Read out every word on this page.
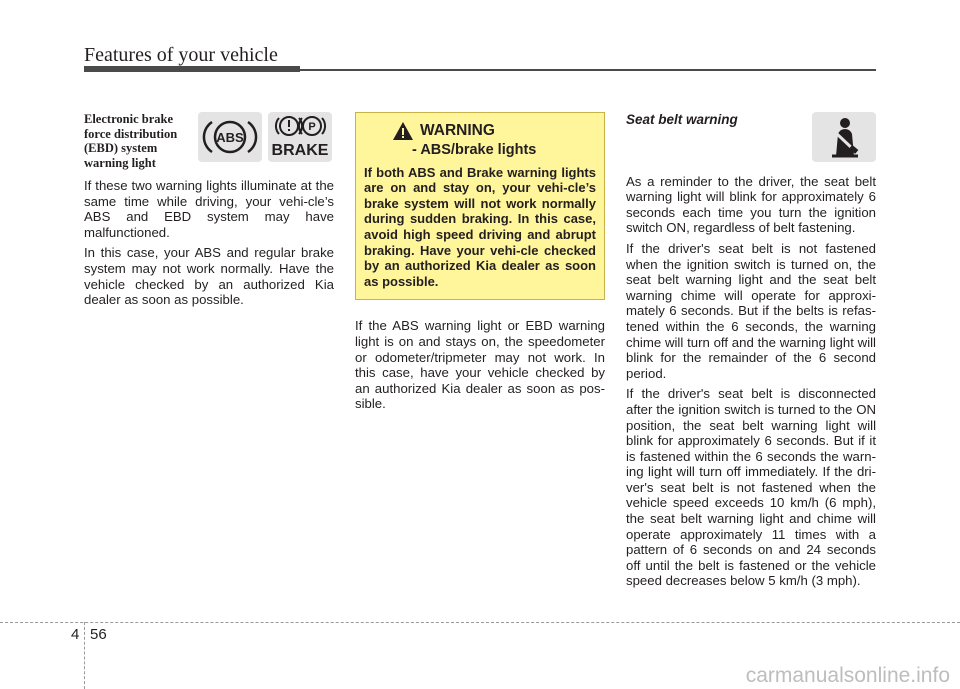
Features of your vehicle
ABS
P
BRAKE
Electronic brake force distribution (EBD) system warning light

If these two warning lights illuminate at the same time while driving, your vehi-cle’s ABS and EBD system may have malfunctioned.

In this case, your ABS and regular brake system may not work normally. Have the vehicle checked by an authorized Kia dealer as soon as possible.

WARNING
- ABS/brake lights
If both ABS and Brake warning lights are on and stay on, your vehi-cle’s brake system will not work normally during sudden braking. In this case, avoid high speed driving and abrupt braking. Have your vehi-cle checked by an authorized Kia dealer as soon as possible.

If the ABS warning light or EBD warning light is on and stays on, the speedometer or odometer/tripmeter may not work. In this case, have your vehicle checked by an authorized Kia dealer as soon as pos-sible.

Seat belt warning

As a reminder to the driver, the seat belt warning light will blink for approximately 6 seconds each time you turn the ignition switch ON, regardless of belt fastening.

If the driver's seat belt is not fastened when the ignition switch is turned on, the seat belt warning light and the seat belt warning chime will operate for approxi-mately 6 seconds. But if the belts is refas-tened within the 6 seconds, the warning chime will turn off and the warning light will blink for the remainder of the 6 second period.

If the driver's seat belt is disconnected after the ignition switch is turned to the ON position, the seat belt warning light will blink for approximately 6 seconds. But if it is fastened within the 6 seconds the warn-ing light will turn off immediately. If the dri-ver's seat belt is not fastened when the vehicle speed exceeds 10 km/h (6 mph), the seat belt warning light and chime will operate approximately 11 times with a pattern of 6 seconds on and 24 seconds off until the belt is fastened or the vehicle speed decreases below 5 km/h (3 mph).

4 56
carmanualsonline.info
